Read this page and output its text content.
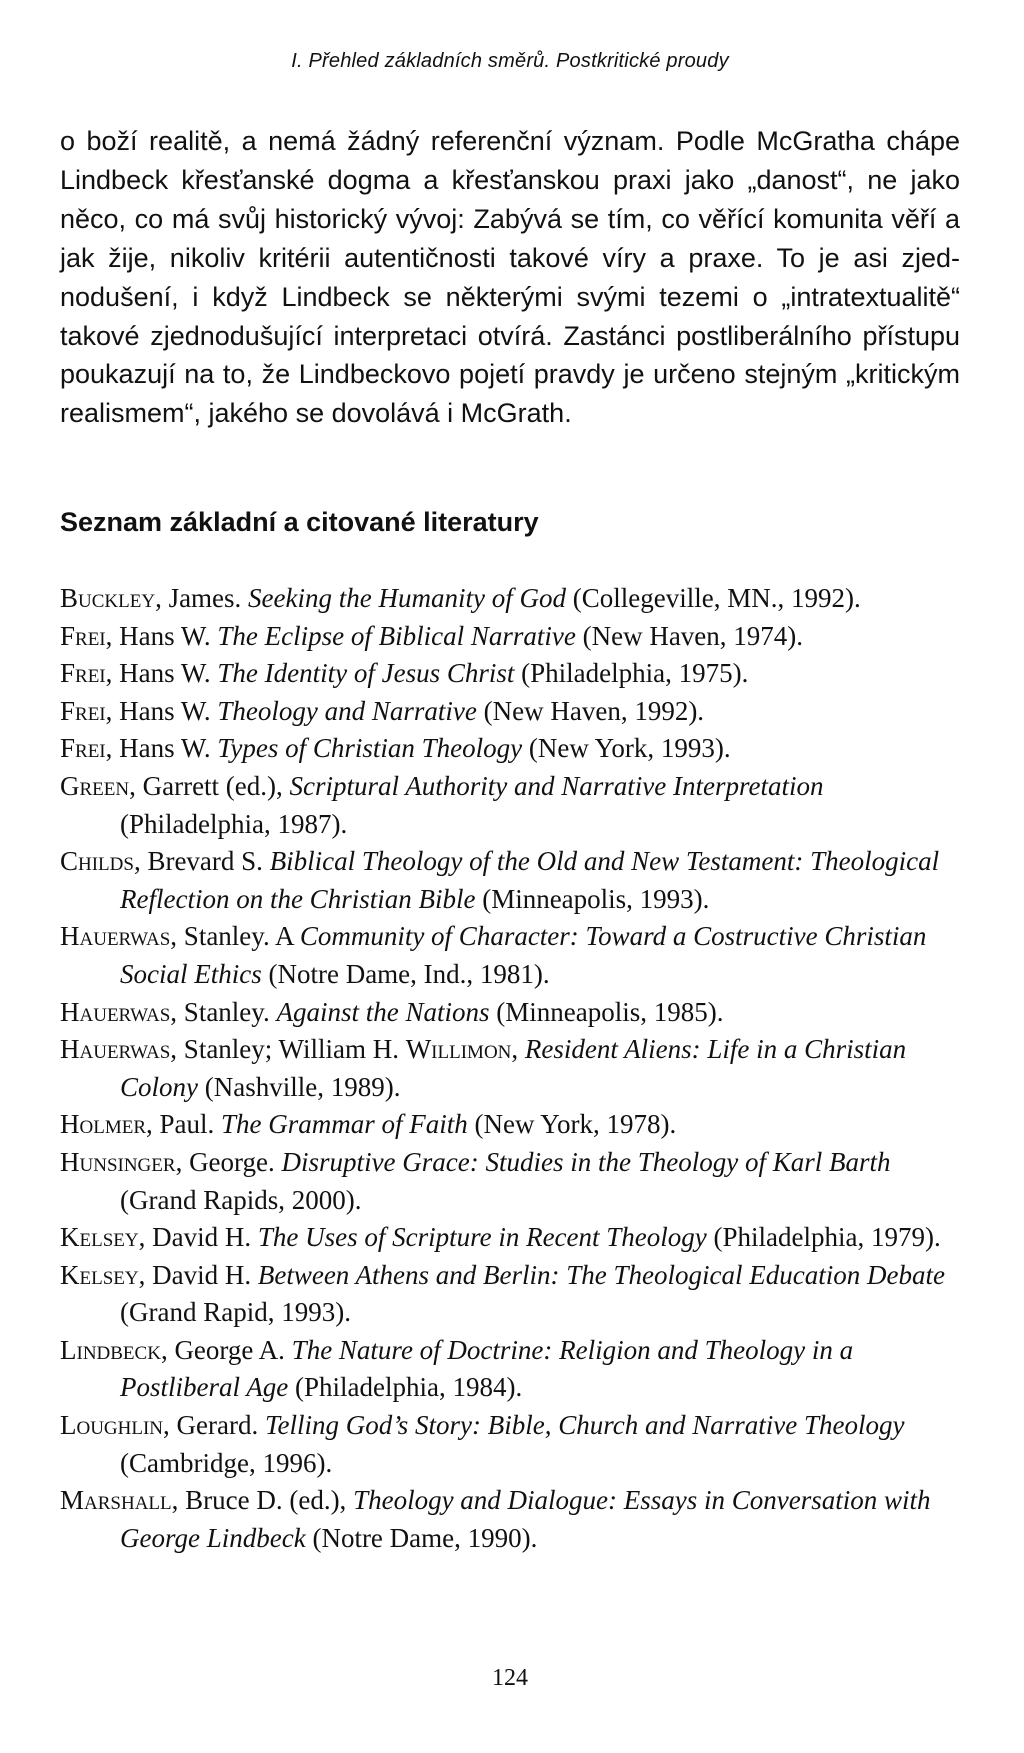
I. Přehled základních směrů. Postkritické proudy

o boží realitě, a nemá žádný referenční význam. Podle McGratha chápe Lindbeck křesťanské dogma a křesťanskou praxi jako „danost“, ne jako něco, co má svůj historický vývoj: Zabývá se tím, co věřící komunita věří a jak žije, nikoliv kritérii autentičnosti takové víry a praxe. To je asi zjednodušení, i když Lindbeck se některými svými tezemi o „intratextualitě“ takové zjednodušující interpretaci otvírá. Zastánci postliberálního přístupu poukazují na to, že Lindbeckovo pojetí pravdy je určeno stejným „kritickým realismem“, jakého se dovolává i McGrath.

Seznam základní a citované literatury
Buckley, James. Seeking the Humanity of God (Collegeville, MN., 1992).
Frei, Hans W. The Eclipse of Biblical Narrative (New Haven, 1974).
Frei, Hans W. The Identity of Jesus Christ (Philadelphia, 1975).
Frei, Hans W. Theology and Narrative (New Haven, 1992).
Frei, Hans W. Types of Christian Theology (New York, 1993).
Green, Garrett (ed.), Scriptural Authority and Narrative Interpretation (Philadelphia, 1987).
Childs, Brevard S. Biblical Theology of the Old and New Testament: Theological Reflection on the Christian Bible (Minneapolis, 1993).
Hauerwas, Stanley. A Community of Character: Toward a Costructive Christian Social Ethics (Notre Dame, Ind., 1981).
Hauerwas, Stanley. Against the Nations (Minneapolis, 1985).
Hauerwas, Stanley; William H. Willimon, Resident Aliens: Life in a Christian Colony (Nashville, 1989).
Holmer, Paul. The Grammar of Faith (New York, 1978).
Hunsinger, George. Disruptive Grace: Studies in the Theology of Karl Barth (Grand Rapids, 2000).
Kelsey, David H. The Uses of Scripture in Recent Theology (Philadelphia, 1979).
Kelsey, David H. Between Athens and Berlin: The Theological Education Debate (Grand Rapid, 1993).
Lindbeck, George A. The Nature of Doctrine: Religion and Theology in a Postliberal Age (Philadelphia, 1984).
Loughlin, Gerard. Telling God’s Story: Bible, Church and Narrative Theology (Cambridge, 1996).
Marshall, Bruce D. (ed.), Theology and Dialogue: Essays in Conversation with George Lindbeck (Notre Dame, 1990).
124
